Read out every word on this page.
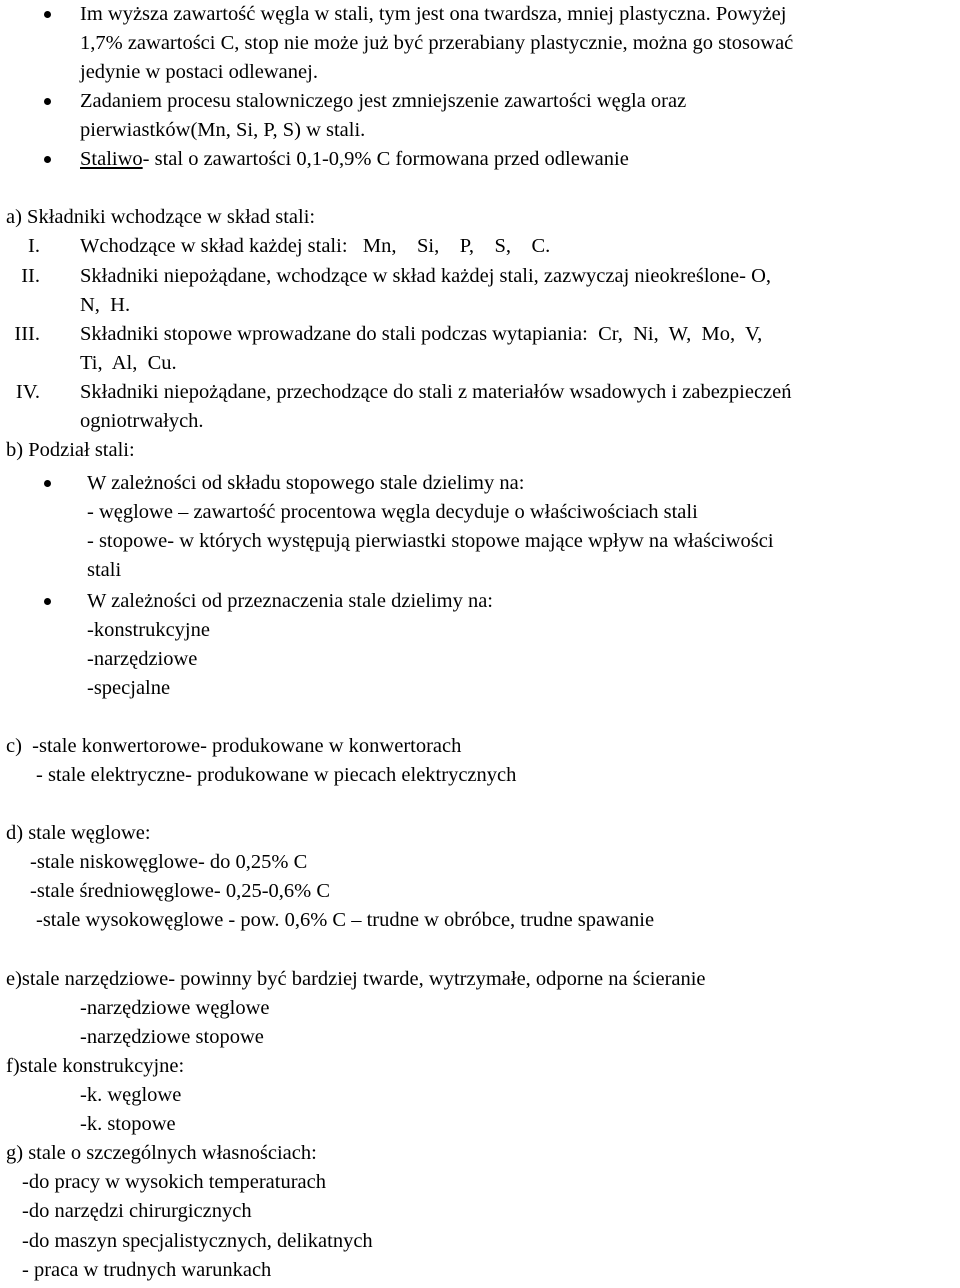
Im wyższa zawartość węgla w stali, tym jest ona twardsza, mniej plastyczna. Powyżej
1,7% zawartości C, stop nie może już być przerabiany plastycznie, można go stosować
jedynie w postaci odlewanej.
Zadaniem procesu stalowniczego jest zmniejszenie zawartości węgla oraz
pierwiastków(Mn, Si, P, S) w stali.
Staliwo- stal o zawartości 0,1-0,9% C formowana przed odlewanie
a) Składniki wchodzące w skład stali:
I. Wchodzące w skład każdej stali:   Mn,    Si,    P,    S,    C.
II. Składniki niepożądane, wchodzące w skład każdej stali, zazwyczaj nieokreślone- O,
N,  H.
III. Składniki stopowe wprowadzane do stali podczas wytapiania:  Cr,  Ni,  W,  Mo,  V,
Ti,  Al,  Cu.
IV. Składniki niepożądane, przechodzące do stali z materiałów wsadowych i zabezpieczeń
ogniotrwałych.
b) Podział stali:
W zależności od składu stopowego stale dzielimy na:
- węglowe – zawartość procentowa węgla decyduje o właściwościach stali
- stopowe- w których występują pierwiastki stopowe mające wpływ na właściwości
stali
W zależności od przeznaczenia stale dzielimy na:
-konstrukcyjne
-narzędziowe
-specjalne
c)  -stale konwertorowe- produkowane w konwertorach
- stale elektryczne- produkowane w piecach elektrycznych
d) stale węglowe:
-stale niskowęglowe- do 0,25% C
-stale średniowęglowe- 0,25-0,6% C
-stale wysokowęglowe - pow. 0,6% C – trudne w obróbce, trudne spawanie
e)stale narzędziowe- powinny być bardziej twarde, wytrzymałe, odporne na ścieranie
-narzędziowe węglowe
-narzędziowe stopowe
f)stale konstrukcyjne:
-k. węglowe
-k. stopowe
g) stale o szczególnych własnościach:
-do pracy w wysokich temperaturach
-do narzędzi chirurgicznych
-do maszyn specjalistycznych, delikatnych
- praca w trudnych warunkach
